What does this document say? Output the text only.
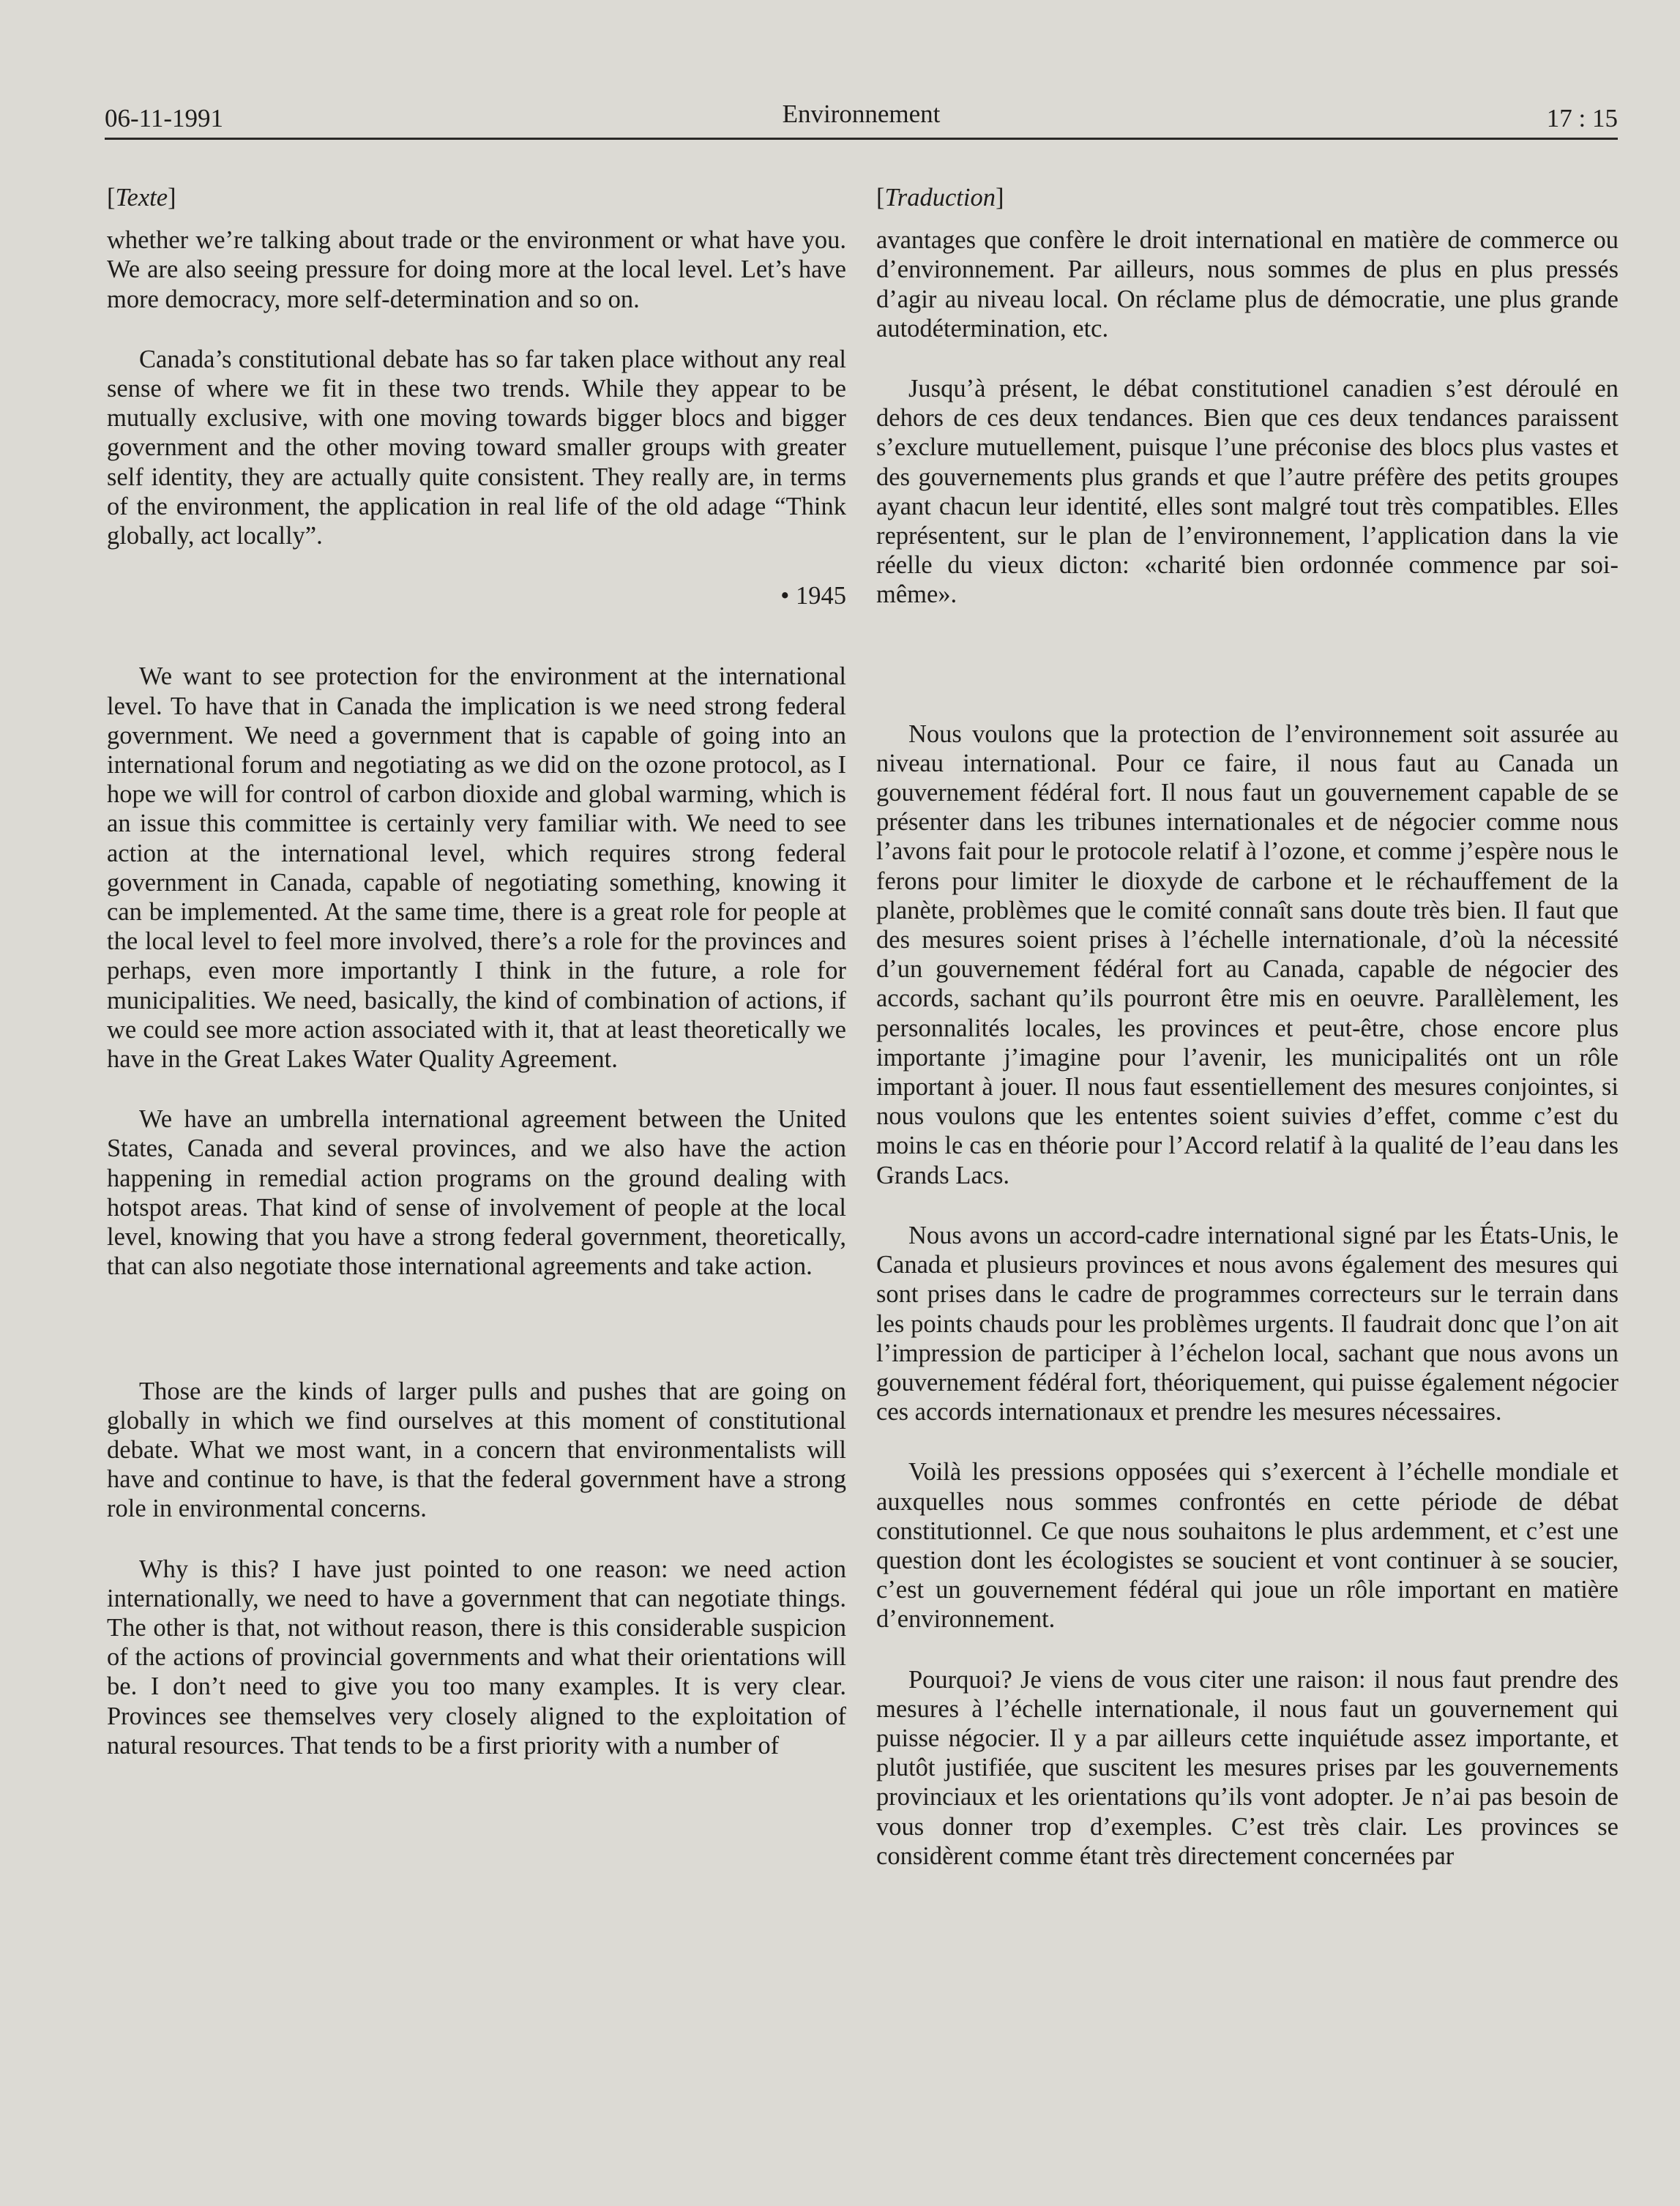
06-11-1991	Environnement	17 : 15
[Texte]

whether we’re talking about trade or the environment or what have you. We are also seeing pressure for doing more at the local level. Let’s have more democracy, more self-determination and so on.

Canada’s constitutional debate has so far taken place without any real sense of where we fit in these two trends. While they appear to be mutually exclusive, with one moving towards bigger blocs and bigger government and the other moving toward smaller groups with greater self identity, they are actually quite consistent. They really are, in terms of the environment, the application in real life of the old adage “Think globally, act locally”.

• 1945

We want to see protection for the environment at the international level. To have that in Canada the implication is we need strong federal government. We need a government that is capable of going into an international forum and negotiating as we did on the ozone protocol, as I hope we will for control of carbon dioxide and global warming, which is an issue this committee is certainly very familiar with. We need to see action at the international level, which requires strong federal government in Canada, capable of negotiating something, knowing it can be implemented. At the same time, there is a great role for people at the local level to feel more involved, there’s a role for the provinces and perhaps, even more importantly I think in the future, a role for municipalities. We need, basically, the kind of combination of actions, if we could see more action associated with it, that at least theoretically we have in the Great Lakes Water Quality Agreement.

We have an umbrella international agreement between the United States, Canada and several provinces, and we also have the action happening in remedial action programs on the ground dealing with hotspot areas. That kind of sense of involvement of people at the local level, knowing that you have a strong federal government, theoretically, that can also negotiate those international agreements and take action.

Those are the kinds of larger pulls and pushes that are going on globally in which we find ourselves at this moment of constitutional debate. What we most want, in a concern that environmentalists will have and continue to have, is that the federal government have a strong role in environmental concerns.

Why is this? I have just pointed to one reason: we need action internationally, we need to have a government that can negotiate things. The other is that, not without reason, there is this considerable suspicion of the actions of provincial governments and what their orientations will be. I don’t need to give you too many examples. It is very clear. Provinces see themselves very closely aligned to the exploitation of natural resources. That tends to be a first priority with a number of

[Traduction]

avantages que confère le droit international en matière de commerce ou d’environnement. Par ailleurs, nous sommes de plus en plus pressés d’agir au niveau local. On réclame plus de démocratie, une plus grande autodétermination, etc.

Jusqu’à présent, le débat constitutionel canadien s’est déroulé en dehors de ces deux tendances. Bien que ces deux tendances paraissent s’exclure mutuellement, puisque l’une préconise des blocs plus vastes et des gouvernements plus grands et que l’autre préfère des petits groupes ayant chacun leur identité, elles sont malgré tout très compatibles. Elles représentent, sur le plan de l’environnement, l’application dans la vie réelle du vieux dicton: «charité bien ordonnée commence par soi-même».

Nous voulons que la protection de l’environnement soit assurée au niveau international. Pour ce faire, il nous faut au Canada un gouvernement fédéral fort. Il nous faut un gouvernement capable de se présenter dans les tribunes internationales et de négocier comme nous l’avons fait pour le protocole relatif à l’ozone, et comme j’espère nous le ferons pour limiter le dioxyde de carbone et le réchauffement de la planète, problèmes que le comité connaît sans doute très bien. Il faut que des mesures soient prises à l’échelle internationale, d’où la nécessité d’un gouvernement fédéral fort au Canada, capable de négocier des accords, sachant qu’ils pourront être mis en oeuvre. Parallèlement, les personnalités locales, les provinces et peut-être, chose encore plus importante j’imagine pour l’avenir, les municipalités ont un rôle important à jouer. Il nous faut essentiellement des mesures conjointes, si nous voulons que les ententes soient suivies d’effet, comme c’est du moins le cas en théorie pour l’Accord relatif à la qualité de l’eau dans les Grands Lacs.

Nous avons un accord-cadre international signé par les États-Unis, le Canada et plusieurs provinces et nous avons également des mesures qui sont prises dans le cadre de programmes correcteurs sur le terrain dans les points chauds pour les problèmes urgents. Il faudrait donc que l’on ait l’impression de participer à l’échelon local, sachant que nous avons un gouvernement fédéral fort, théoriquement, qui puisse également négocier ces accords internationaux et prendre les mesures nécessaires.

Voilà les pressions opposées qui s’exercent à l’échelle mondiale et auxquelles nous sommes confrontés en cette période de débat constitutionnel. Ce que nous souhaitons le plus ardemment, et c’est une question dont les écologistes se soucient et vont continuer à se soucier, c’est un gouvernement fédéral qui joue un rôle important en matière d’environnement.

Pourquoi? Je viens de vous citer une raison: il nous faut prendre des mesures à l’échelle internationale, il nous faut un gouvernement qui puisse négocier. Il y a par ailleurs cette inquiétude assez importante, et plutôt justifiée, que suscitent les mesures prises par les gouvernements provinciaux et les orientations qu’ils vont adopter. Je n’ai pas besoin de vous donner trop d’exemples. C’est très clair. Les provinces se considèrent comme étant très directement concernées par
